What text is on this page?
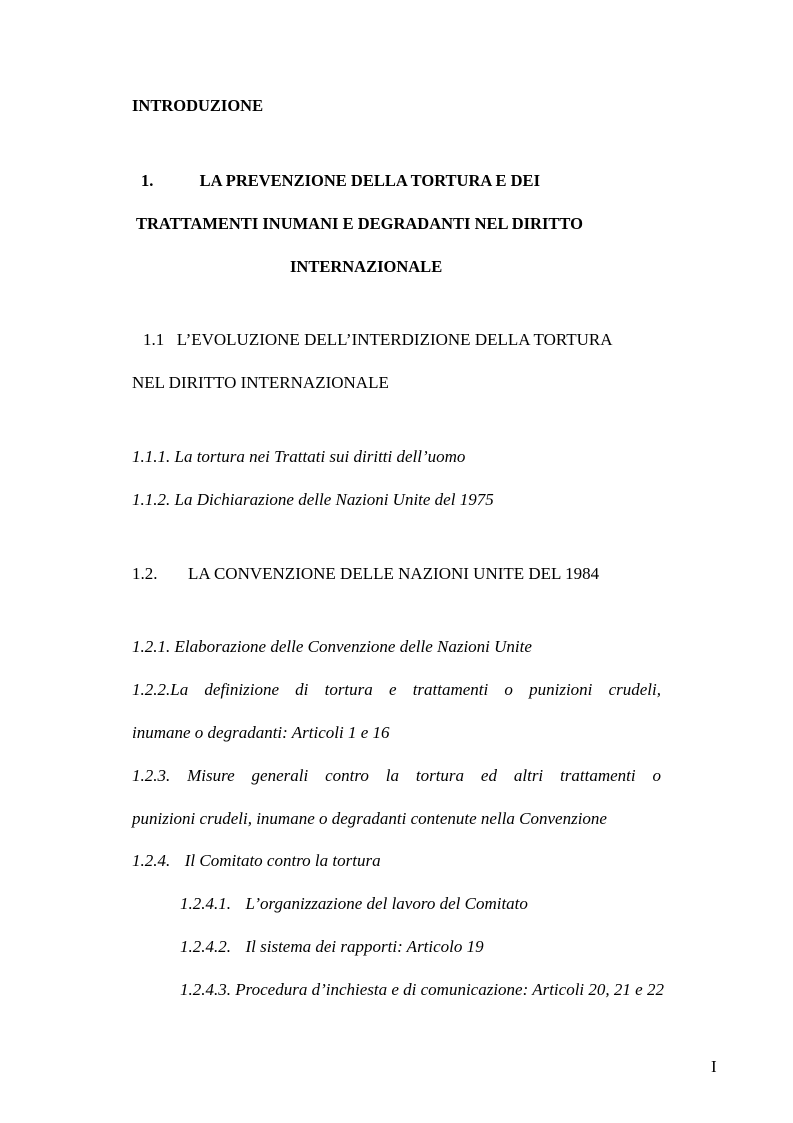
INTRODUZIONE
1.	LA PREVENZIONE DELLA TORTURA E DEI
TRATTAMENTI INUMANI E DEGRADANTI NEL DIRITTO
INTERNAZIONALE
1.1 L’EVOLUZIONE DELL’INTERDIZIONE DELLA TORTURA
NEL DIRITTO INTERNAZIONALE
1.1.1. La tortura nei Trattati sui diritti dell’uomo
1.1.2. La Dichiarazione delle Nazioni Unite del 1975
1.2. LA CONVENZIONE DELLE NAZIONI UNITE DEL 1984
1.2.1. Elaborazione delle Convenzione delle Nazioni Unite
1.2.2.La definizione di tortura e trattamenti o punizioni crudeli,
inumane o degradanti: Articoli 1 e 16
1.2.3. Misure generali contro la tortura ed altri trattamenti o
punizioni crudeli, inumane o degradanti contenute nella Convenzione
1.2.4. Il Comitato contro la tortura
1.2.4.1. L’organizzazione del lavoro del Comitato
1.2.4.2. Il sistema dei rapporti: Articolo 19
1.2.4.3. Procedura d’inchiesta e di comunicazione: Articoli 20, 21 e 22
I
